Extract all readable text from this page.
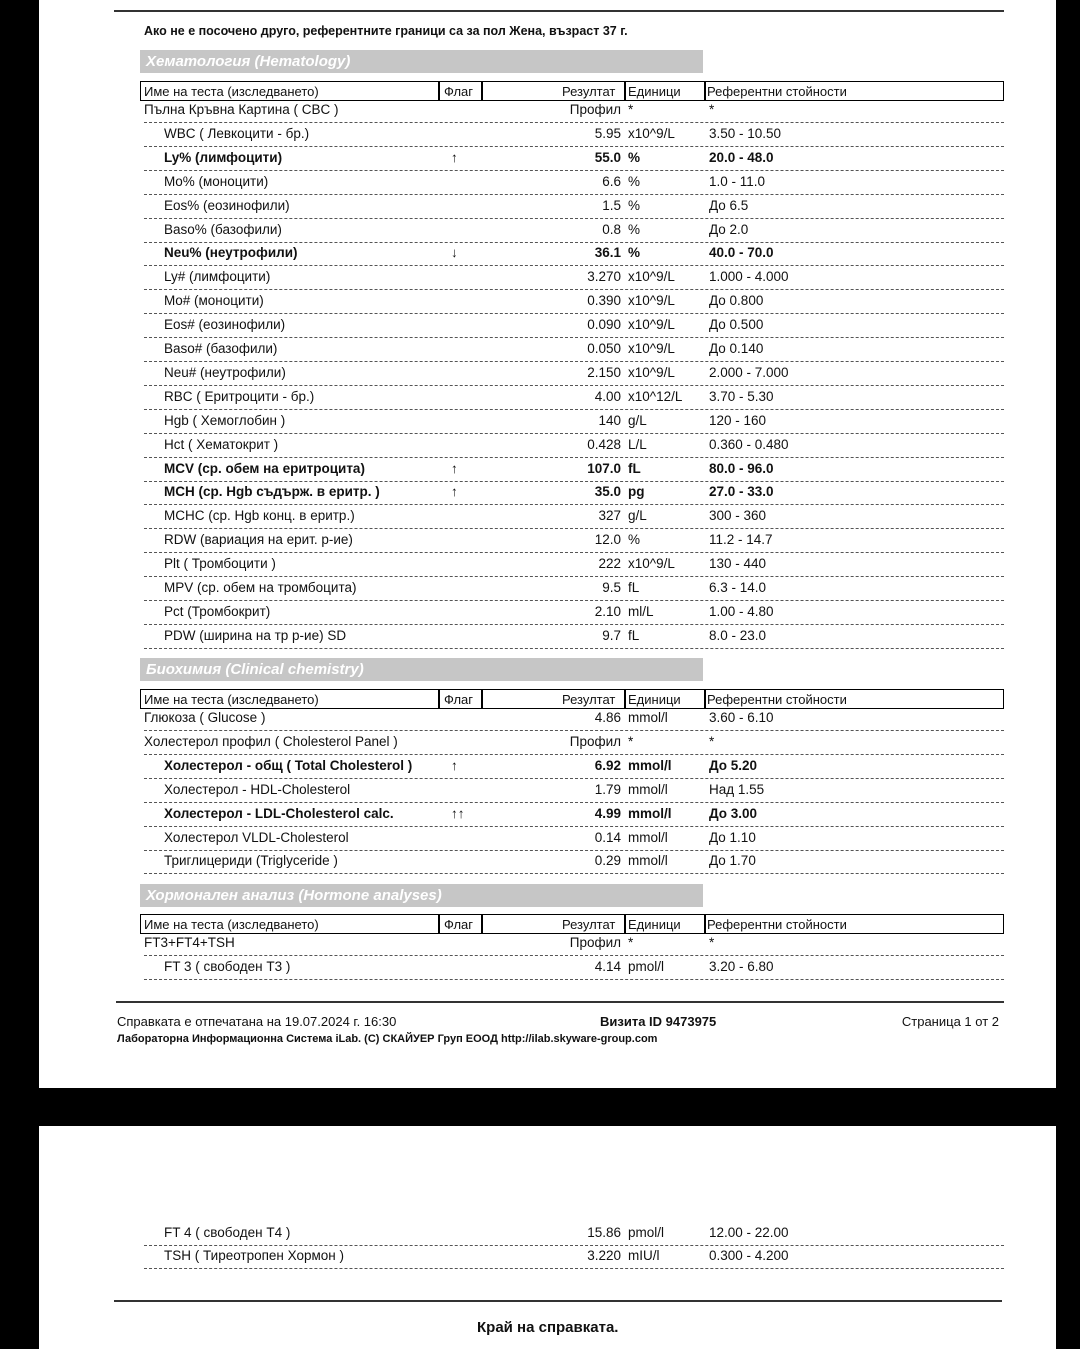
Ако не е посочено друго, референтните граници са за пол Жена, възраст 37 г.
Хематология (Hematology)
Име на теста (изследването)	Флаг	Резултат Единици Референтни стойности
Пълна Кръвна Картина ( CBC )	Профил *	*
WBC ( Левкоцити - бр.)	5.95 x10^9/L	3.50 - 10.50
Ly% (лимфоцити)	↑	55.0 %	20.0 - 48.0
Mo% (моноцити)	6.6 %	1.0 - 11.0
Eos% (еозинофили)	1.5 %	До 6.5
Baso% (базофили)	0.8 %	До 2.0
Neu% (неутрофили)	↓	36.1 %	40.0 - 70.0
Ly# (лимфоцити)	3.270 x10^9/L	1.000 - 4.000
Mo# (моноцити)	0.390 x10^9/L	До 0.800
Eos# (еозинофили)	0.090 x10^9/L	До 0.500
Baso# (базофили)	0.050 x10^9/L	До 0.140
Neu# (неутрофили)	2.150 x10^9/L	2.000 - 7.000
RBC ( Еритроцити - бр.)	4.00 x10^12/L 3.70 - 5.30
Hgb ( Хемоглобин )	140 g/L	120 - 160
Hct ( Хематокрит )	0.428 L/L	0.360 - 0.480
MCV (ср. обем на еритроцита)	↑	107.0 fL	80.0 - 96.0
MCH (ср. Hgb съдърж. в еритр. )	↑	35.0 pg	27.0 - 33.0
MCHC (ср. Hgb конц. в еритр.)	327 g/L	300 - 360
RDW (вариация на ерит. р-ие)	12.0 %	11.2 - 14.7
Plt ( Тромбоцити )	222 x10^9/L	130 - 440
MPV (ср. обем на тромбоцита)	9.5 fL	6.3 - 14.0
Pct (Тромбокрит)	2.10 ml/L	1.00 - 4.80
PDW (ширина на тр р-ие) SD	9.7 fL	8.0 - 23.0
Биохимия (Clinical chemistry)
Име на теста (изследването)	Флаг	Резултат Единици Референтни стойности
Глюкоза ( Glucose )	4.86 mmol/l	3.60 - 6.10
Холестерол профил ( Cholesterol Panel )	Профил *	*
Холестерол - общ ( Total Cholesterol )	↑	6.92 mmol/l	До 5.20
Холестерол - HDL-Cholesterol	1.79 mmol/l	Над 1.55
Холестерол - LDL-Cholesterol calc.	↑↑	4.99 mmol/l	До 3.00
Холестерол VLDL-Cholesterol	0.14 mmol/l	До 1.10
Триглицериди (Triglyceride )	0.29 mmol/l	До 1.70
Хормонален анализ (Hormone analyses)
Име на теста (изследването)	Флаг	Резултат Единици Референтни стойности
FT3+FT4+TSH	Профил *	*
FT 3 ( свободен Т3 )	4.14 pmol/l	3.20 - 6.80
Справката е отпечатана на 19.07.2024 г. 16:30	Визита ID 9473975	Страница 1 от 2
Лабораторна Информационна Система iLab. (С) СКАЙУЕР Груп ЕООД http://ilab.skyware-group.com
FT 4 ( свободен Т4 )	15.86 pmol/l	12.00 - 22.00
TSH ( Тиреотропен Хормон )	3.220 mIU/l	0.300 - 4.200
Край на справката.
